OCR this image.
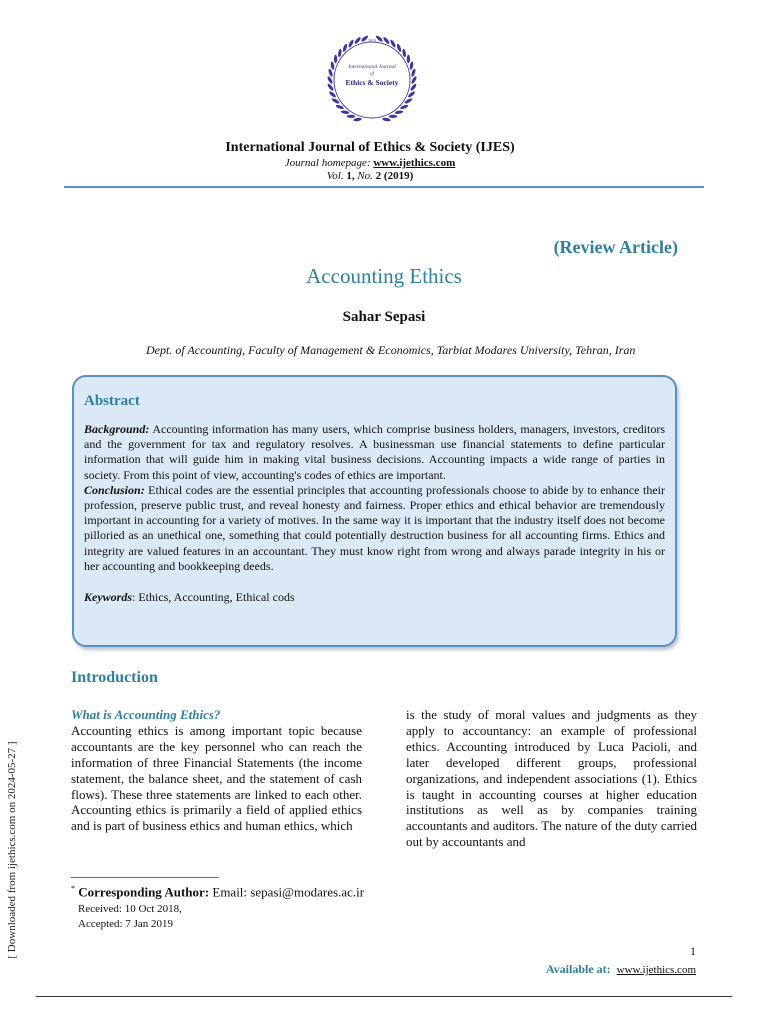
2019
International Journal
of
Ethics & Society
International Journal of Ethics & Society (IJES)
Journal homepage: www.ijethics.com
Vol. 1, No. 2 (2019)
(Review Article)
Accounting Ethics
Sahar Sepasi
Dept. of Accounting, Faculty of Management & Economics, Tarbiat Modares University, Tehran, Iran
Abstract

Background: Accounting information has many users, which comprise business holders, managers, investors, creditors and the government for tax and regulatory resolves. A businessman use financial statements to define particular information that will guide him in making vital business decisions. Accounting impacts a wide range of parties in society. From this point of view, accounting's codes of ethics are important.

Conclusion: Ethical codes are the essential principles that accounting professionals choose to abide by to enhance their profession, preserve public trust, and reveal honesty and fairness. Proper ethics and ethical behavior are tremendously important in accounting for a variety of motives. In the same way it is important that the industry itself does not become pilloried as an unethical one, something that could potentially destruction business for all accounting firms. Ethics and integrity are valued features in an accountant. They must know right from wrong and always parade integrity in his or her accounting and bookkeeping deeds.

Keywords: Ethics, Accounting, Ethical cods
Introduction
What is Accounting Ethics?
Accounting ethics is among important topic because accountants are the key personnel who can reach the information of three Financial Statements (the income statement, the balance sheet, and the statement of cash flows). These three statements are linked to each other. Accounting ethics is primarily a field of applied ethics and is part of business ethics and human ethics, which
is the study of moral values and judgments as they apply to accountancy: an example of professional ethics. Accounting introduced by Luca Pacioli, and later developed different groups, professional organizations, and independent associations (1). Ethics is taught in accounting courses at higher education institutions as well as by companies training accountants and auditors. The nature of the duty carried out by accountants and
* Corresponding Author: Email: sepasi@modares.ac.ir
Received: 10 Oct 2018,
Accepted: 7 Jan 2019
1
Available at: www.ijethics.com
[ Downloaded from ijethics.com on 2024-05-27 ]
